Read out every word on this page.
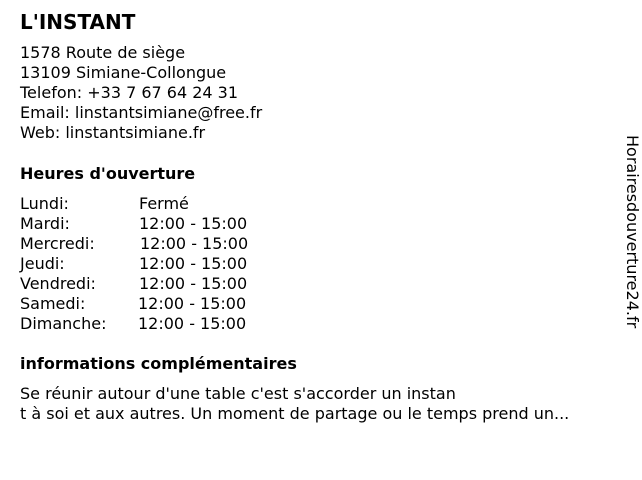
L'INSTANT
1578 Route de siège
13109 Simiane-Collongue
Telefon: +33 7 67 64 24 31
Email: linstantsimiane@free.fr
Web: linstantsimiane.fr
Heures d'ouverture
Lundi:	Fermé
Mardi:	12:00 - 15:00
Mercredi:	12:00 - 15:00
Jeudi:	12:00 - 15:00
Vendredi:	12:00 - 15:00
Samedi:	12:00 - 15:00
Dimanche: 12:00 - 15:00
informations complémentaires
Se réunir autour d'une table c'est s'accorder un instan
t à soi et aux autres. Un moment de partage ou le temps prend un...
Horairesdouverture24.fr
